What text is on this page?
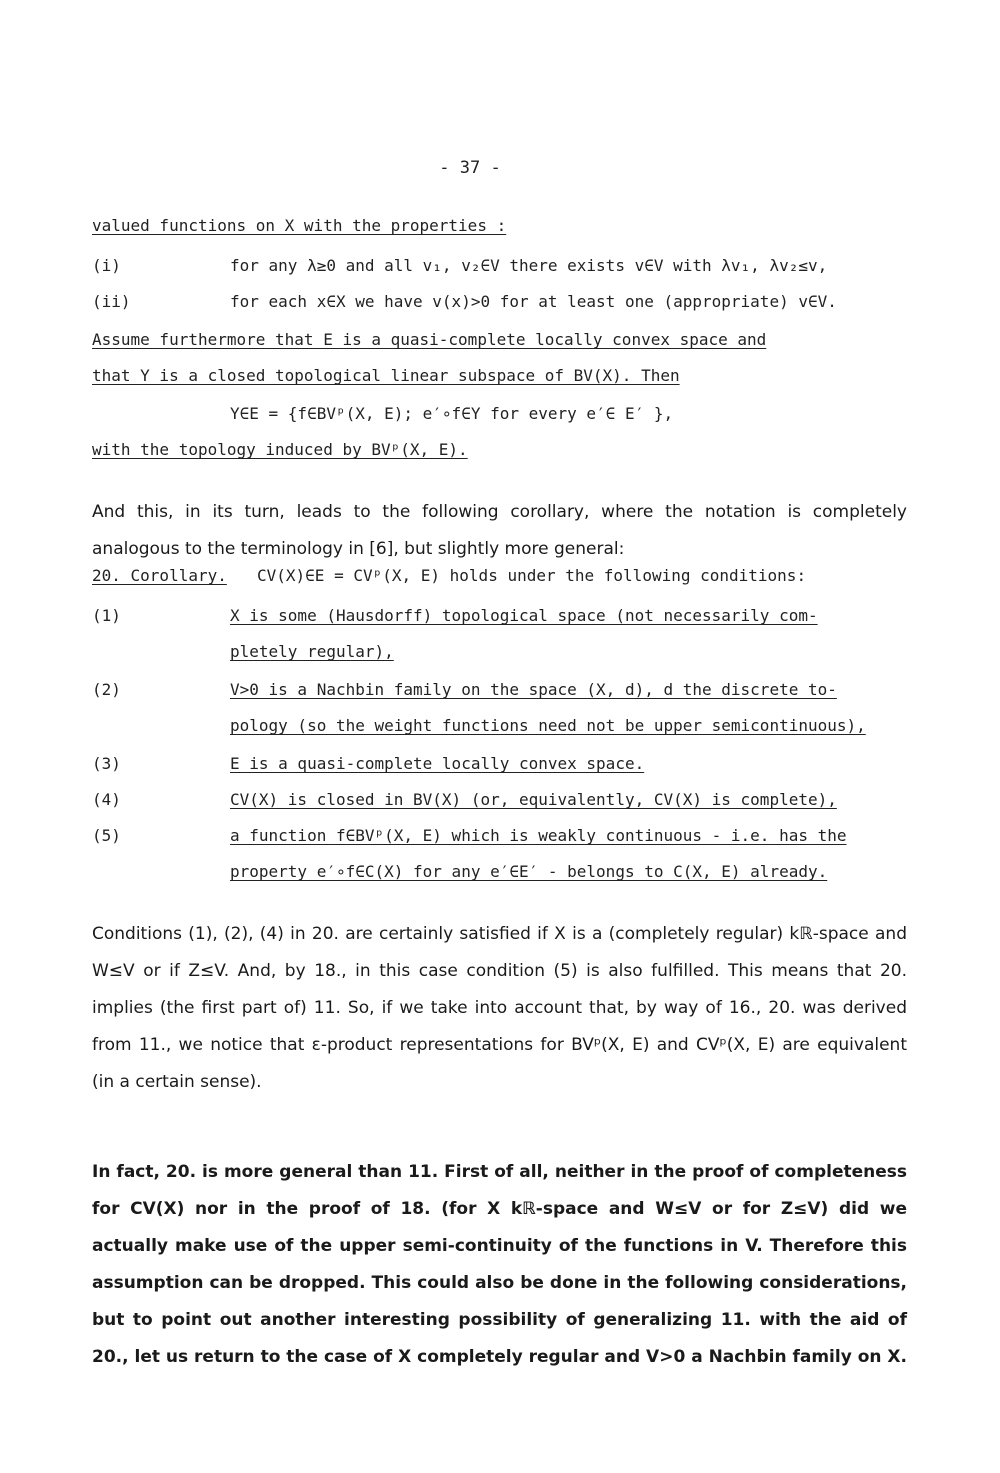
- 37 -
valued functions on X with the properties :
(i)	for any λ≥0 and all v₁, v₂∈V there exists v∈V with λv₁, λv₂≤v,
(ii)	for each x∈X we have v(x)>0 for at least one (appropriate) v∈V.
Assume furthermore that E is a quasi-complete locally convex space and
that Y is a closed topological linear subspace of BV(X). Then
Y∈E = {f∈BVᵖ(X, E); e′∘f∈Y for every e′∈ E′ },
with the topology induced by BVᵖ(X, E).
And this, in its turn, leads to the following corollary, where the notation is completely analogous to the terminology in [6], but slightly more general:
20. Corollary. CV(X)∈E = CVᵖ(X, E) holds under the following conditions:
(1)	X is some (Hausdorff) topological space (not necessarily com-
pletely regular),
(2)	V>0 is a Nachbin family on the space (X, d), d the discrete to-
pology (so the weight functions need not be upper semicontinuous),
(3)	E is a quasi-complete locally convex space.
(4)	CV(X) is closed in BV(X) (or, equivalently, CV(X) is complete),
(5)	a function f∈BVᵖ(X, E) which is weakly continuous - i.e. has the
property e′∘f∈C(X) for any e′∈E′ - belongs to C(X, E) already.
Conditions (1), (2), (4) in 20. are certainly satisfied if X is a (completely regular) kℝ-space and W≤V or if Z≤V. And, by 18., in this case condition (5) is also fulfilled. This means that 20. implies (the first part of) 11. So, if we take into account that, by way of 16., 20. was derived from 11., we notice that ε-product representations for BVᵖ(X, E) and CVᵖ(X, E) are equivalent (in a certain sense).
In fact, 20. is more general than 11. First of all, neither in the proof of completeness for CV(X) nor in the proof of 18. (for X kℝ-space and W≤V or for Z≤V) did we actually make use of the upper semi-continuity of the functions in V. Therefore this assumption can be dropped. This could also be done in the following considerations, but to point out another interesting possibility of generalizing 11. with the aid of 20., let us return to the case of X completely regular and V>0 a Nachbin family on X.
